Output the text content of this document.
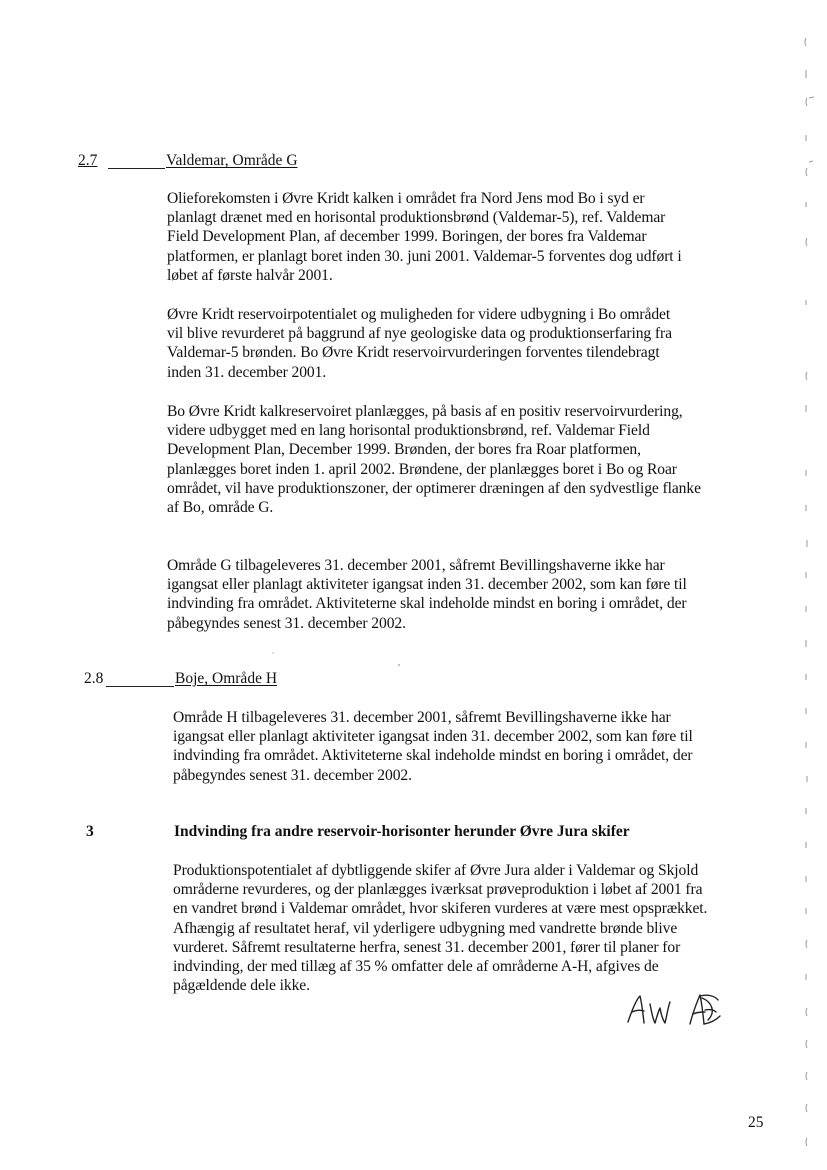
2.7	Valdemar, Område G

Olieforekomsten i Øvre Kridt kalken i området fra Nord Jens mod Bo i syd er planlagt drænet med en horisontal produktionsbrønd (Valdemar-5), ref. Valdemar Field Development Plan, af december 1999. Boringen, der bores fra Valdemar platformen, er planlagt boret inden 30. juni 2001. Valdemar-5 forventes dog udført i løbet af første halvår 2001.

Øvre Kridt reservoirpotentialet og muligheden for videre udbygning i Bo området vil blive revurderet på baggrund af nye geologiske data og produktionserfaring fra Valdemar-5 brønden. Bo Øvre Kridt reservoirvurderingen forventes tilendebragt inden 31. december 2001.

Bo Øvre Kridt kalkreservoiret planlægges, på basis af en positiv reservoirvurdering, videre udbygget med en lang horisontal produktionsbrønd, ref. Valdemar Field Development Plan, December 1999. Brønden, der bores fra Roar platformen, planlægges boret inden 1. april 2002. Brøndene, der planlægges boret i Bo og Roar området, vil have produktionszoner, der optimerer dræningen af den sydvestlige flanke af Bo, område G.

Område G tilbageleveres 31. december 2001, såfremt Bevillingshaverne ikke har igangsat eller planlagt aktiviteter igangsat inden 31. december 2002, som kan føre til indvinding fra området. Aktiviteterne skal indeholde mindst en boring i området, der påbegyndes senest 31. december 2002.

2.8	Boje, Område H

Område H tilbageleveres 31. december 2001, såfremt Bevillingshaverne ikke har igangsat eller planlagt aktiviteter igangsat inden 31. december 2002, som kan føre til indvinding fra området. Aktiviteterne skal indeholde mindst en boring i området, der påbegyndes senest 31. december 2002.

3	Indvinding fra andre reservoir-horisonter herunder Øvre Jura skifer

Produktionspotentialet af dybtliggende skifer af Øvre Jura alder i Valdemar og Skjold områderne revurderes, og der planlægges iværksat prøveproduktion i løbet af 2001 fra en vandret brønd i Valdemar området, hvor skiferen vurderes at være mest opsprækket. Afhængig af resultatet heraf, vil yderligere udbygning med vandrette brønde blive vurderet. Såfremt resultaterne herfra, senest 31. december 2001, fører til planer for indvinding, der med tillæg af 35 % omfatter dele af områderne A-H, afgives de pågældende dele ikke.

25
